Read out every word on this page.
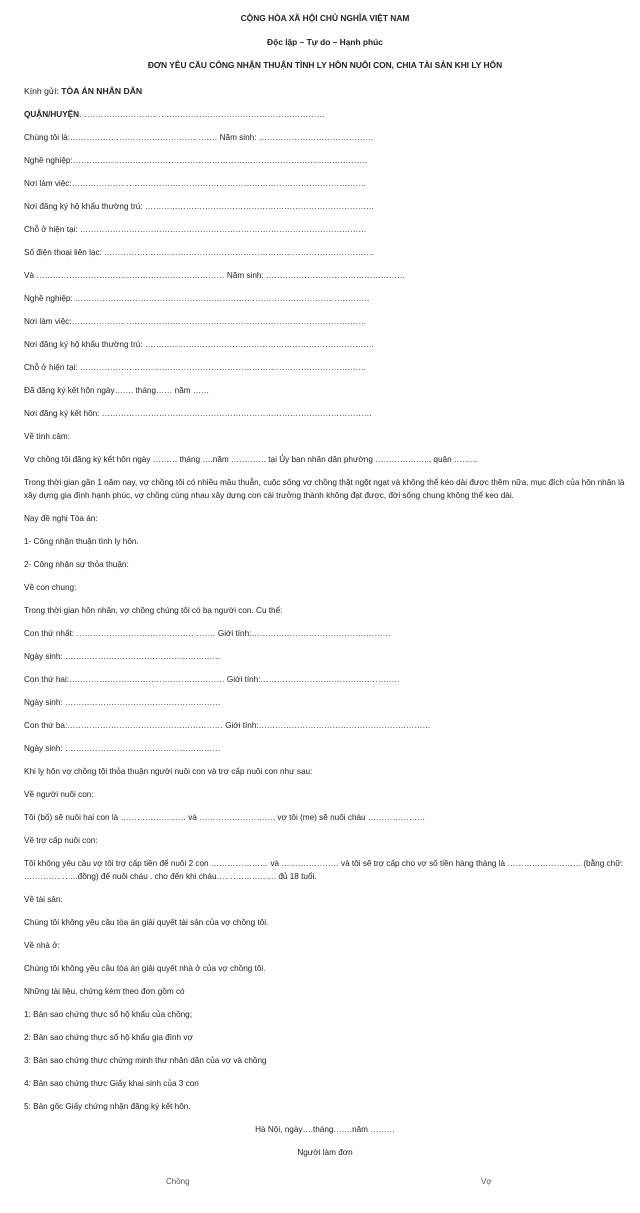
CỘNG HÒA XÃ HỘI CHỦ NGHĨA VIỆT NAM
Độc lập – Tự do – Hạnh phúc
ĐƠN YÊU CẦU CÔNG NHẬN THUẬN TÌNH LY HÔN NUÔI CON, CHIA TÀI SẢN KHI LY HÔN
Kính gửi: TÒA ÁN NHÂN DÂN
QUẬN/HUYỆN………………………………………………………………………………
Chúng tôi là:……………………………………………… Năm sinh: ……………………………………
Nghề nghiệp:………………………………………………………………………………………………
Nơi làm việc:………………………………………………………………………………………………
Nơi đăng ký hộ khẩu thường trú: …………………………………………………………………………
Chỗ ở hiện tại: ……………………………………………………………………………………………
Số điện thoại liên lạc: ………………………………………………………………………………………
Và …………………………………………………………… Năm sinh: ……………………………………………
Nghề nghiệp: ………………………………………………………………………………………………
Nơi làm việc:………………………………………………………………………………………………
Nơi đăng ký hộ khẩu thường trú: …………………………………………………………………………
Chỗ ở hiện tại: ……………………………………………………………………………………………
Đã đăng ký kết hôn ngày……. tháng…… năm ……
Nơi đăng ký kết hôn: ………………………………………………………………………………………
Về tình cảm:
Vợ chồng tôi đăng ký kết hôn ngày ……… tháng ….năm …………. tại Ủy ban nhân dân phường ……………….., quận ………
Trong thời gian gần 1 năm nay, vợ chồng tôi có nhiều mâu thuẫn, cuộc sống vợ chồng thật ngột ngạt và không thể kéo dài được thêm nữa, mục đích của hôn nhân là xây dựng gia đình hạnh phúc, vợ chồng cùng nhau xây dựng con cái trưởng thành không đạt được, đời sống chung không thể keo dài.
Nay đề nghị Tòa án:
1- Công nhận thuận tình ly hôn.
2- Công nhận sự thỏa thuận:
Về con chung:
Trong thời gian hôn nhân, vợ chồng chúng tôi có ba người con. Cụ thể:
Con thứ nhất: …………………………………………… Giới tính:……………………………………………
Ngày sinh: …………………………………………………
Con thứ hai:………………………………………………… Giới tính:……………………………………………
Ngày sinh: …………………………………………………
Con thứ ba:………………………………………………… Giới tính:………………………………………………………
Ngày sinh: …………………………………………………
Khi ly hôn vợ chồng tôi thỏa thuận người nuôi con và trợ cấp nuôi con như sau:
Về người nuôi con:
Tôi (bố) sẽ nuôi hai con là …………………… và ………………………, vợ tôi (me) sẽ nuôi cháu …………………
Về trợ cấp nuôi con:
Tôi không yêu cầu vợ tôi trợ cấp tiền để nuôi 2 con ………………… và ………………… và tôi sẽ trợ cấp cho vợ số tiền hàng tháng là ……………………… (bằng chữ: ………………..đồng) để nuôi cháu . cho đến khi cháu…………………. đủ 18 tuổi.
Về tài sản:
Chúng tôi không yêu cầu tòa án giải quyết tài sản của vợ chồng tôi.
Về nhà ở:
Chúng tôi không yêu cầu tòa án giải quyết nhà ở của vợ chồng tôi.
Những tài liệu, chứng kèm theo đơn gồm có
1: Bản sao chứng thực sổ hộ khẩu của chồng;
2: Bản sao chứng thực sổ hộ khẩu gia đình vợ
3: Bản sao chứng thực chứng minh thư nhân dân của vợ và chồng
4: Bản sao chứng thực Giấy khai sinh của 3 con
5: Bản gốc Giấy chứng nhận đăng ký kết hôn.
Hà Nội, ngày….tháng…….năm ………
Người làm đơn
Chồng	Vợ
